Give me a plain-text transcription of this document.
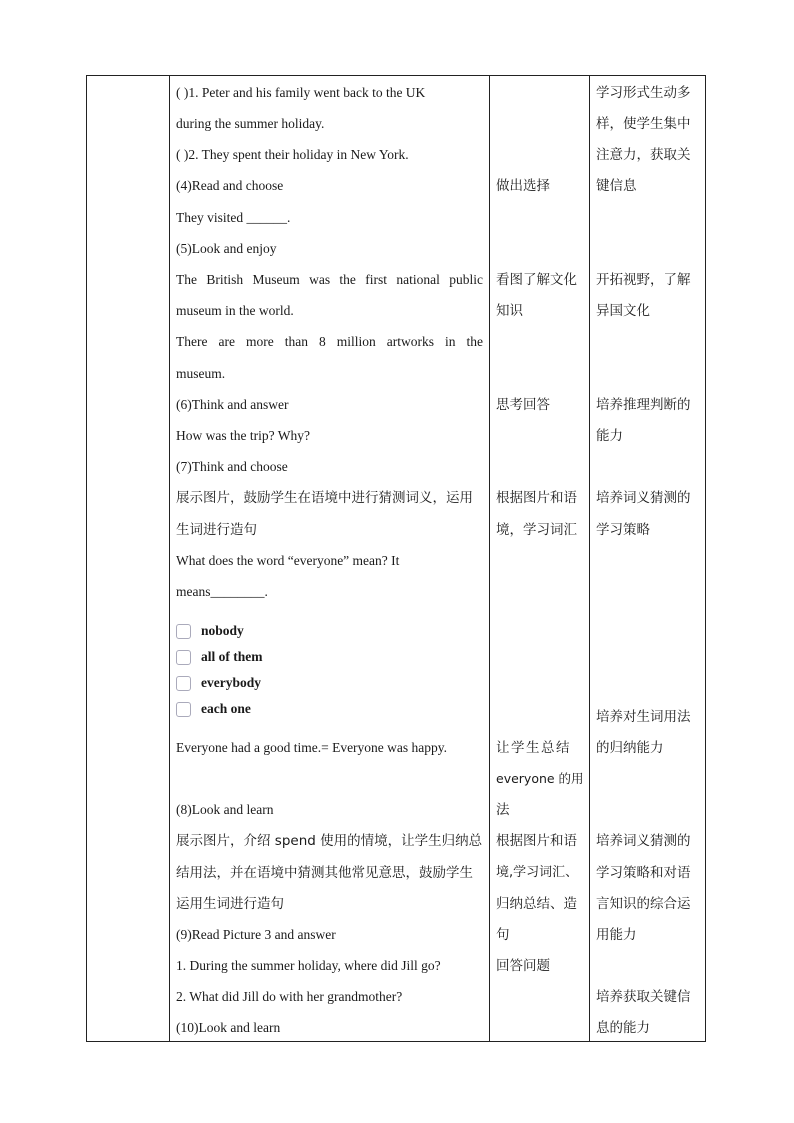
( )1. Peter and his family went back to the UK
during the summer holiday.
( )2. They spent their holiday in New York.
(4)Read and choose
They visited ______.
(5)Look and enjoy
The British Museum was the first national public
museum in the world.
There are more than 8 million artworks in the
museum.
(6)Think and answer
How was the trip? Why?
(7)Think and choose
展示图片，鼓励学生在语境中进行猜测词义，运用
生词进行造句
What does the word “everyone” mean? It
means________.
nobody
all of them
everybody
each one
Everyone had a good time.= Everyone was happy.
(8)Look and learn
展示图片，介绍 spend 使用的情境，让学生归纳总
结用法，并在语境中猜测其他常见意思，鼓励学生
运用生词进行造句
(9)Read Picture 3 and answer
1. During the summer holiday, where did Jill go?
2. What did Jill do with her grandmother?
(10)Look and learn
做出选择
看图了解文化
知识
思考回答
根据图片和语
境，学习词汇
让学生总结
everyone 的用
法
根据图片和语
境,学习词汇、
归纳总结、造
句
回答问题
学习形式生动多
样，使学生集中
注意力，获取关
键信息
开拓视野，了解
异国文化
培养推理判断的
能力
培养词义猜测的
学习策略
培养对生词用法
的归纳能力
培养词义猜测的
学习策略和对语
言知识的综合运
用能力
培养获取关键信
息的能力
